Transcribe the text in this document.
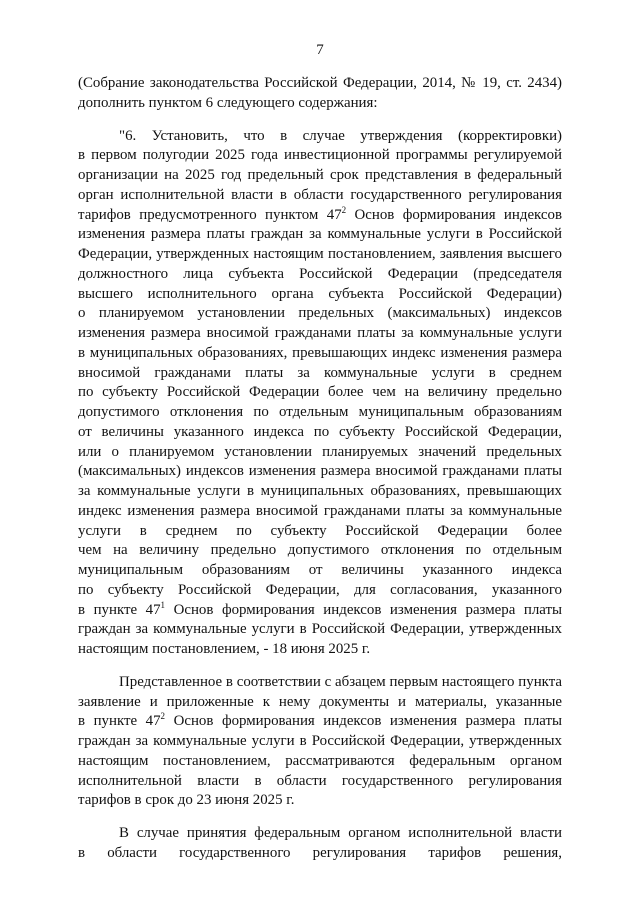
7
(Собрание законодательства Российской Федерации, 2014, № 19, ст. 2434)
дополнить пунктом 6 следующего содержания:
"6. Установить, что в случае утверждения (корректировки)
в первом полугодии 2025 года инвестиционной программы регулируемой
организации на 2025 год предельный срок представления в федеральный
орган исполнительной власти в области государственного регулирования
тарифов предусмотренного пунктом $47^2$ Основ формирования индексов
изменения размера платы граждан за коммунальные услуги в Российской
Федерации, утвержденных настоящим постановлением, заявления высшего
должностного лица субъекта Российской Федерации (председателя
высшего исполнительного органа субъекта Российской Федерации)
о планируемом установлении предельных (максимальных) индексов
изменения размера вносимой гражданами платы за коммунальные услуги
в муниципальных образованиях, превышающих индекс изменения размера
вносимой гражданами платы за коммунальные услуги в среднем
по субъекту Российской Федерации более чем на величину предельно
допустимого отклонения по отдельным муниципальным образованиям
от величины указанного индекса по субъекту Российской Федерации,
или о планируемом установлении планируемых значений предельных
(максимальных) индексов изменения размера вносимой гражданами платы
за коммунальные услуги в муниципальных образованиях, превышающих
индекс изменения размера вносимой гражданами платы за коммунальные
услуги в среднем по субъекту Российской Федерации более
чем на величину предельно допустимого отклонения по отдельным
муниципальным образованиям от величины указанного индекса
по субъекту Российской Федерации, для согласования, указанного
в пункте $47^1$ Основ формирования индексов изменения размера платы
граждан за коммунальные услуги в Российской Федерации, утвержденных
настоящим постановлением, - 18 июня 2025 г.
Представленное в соответствии с абзацем первым настоящего пункта
заявление и приложенные к нему документы и материалы, указанные
в пункте $47^2$ Основ формирования индексов изменения размера платы
граждан за коммунальные услуги в Российской Федерации, утвержденных
настоящим постановлением, рассматриваются федеральным органом
исполнительной власти в области государственного регулирования
тарифов в срок до 23 июня 2025 г.
В случае принятия федеральным органом исполнительной власти
в области государственного регулирования тарифов решения,
